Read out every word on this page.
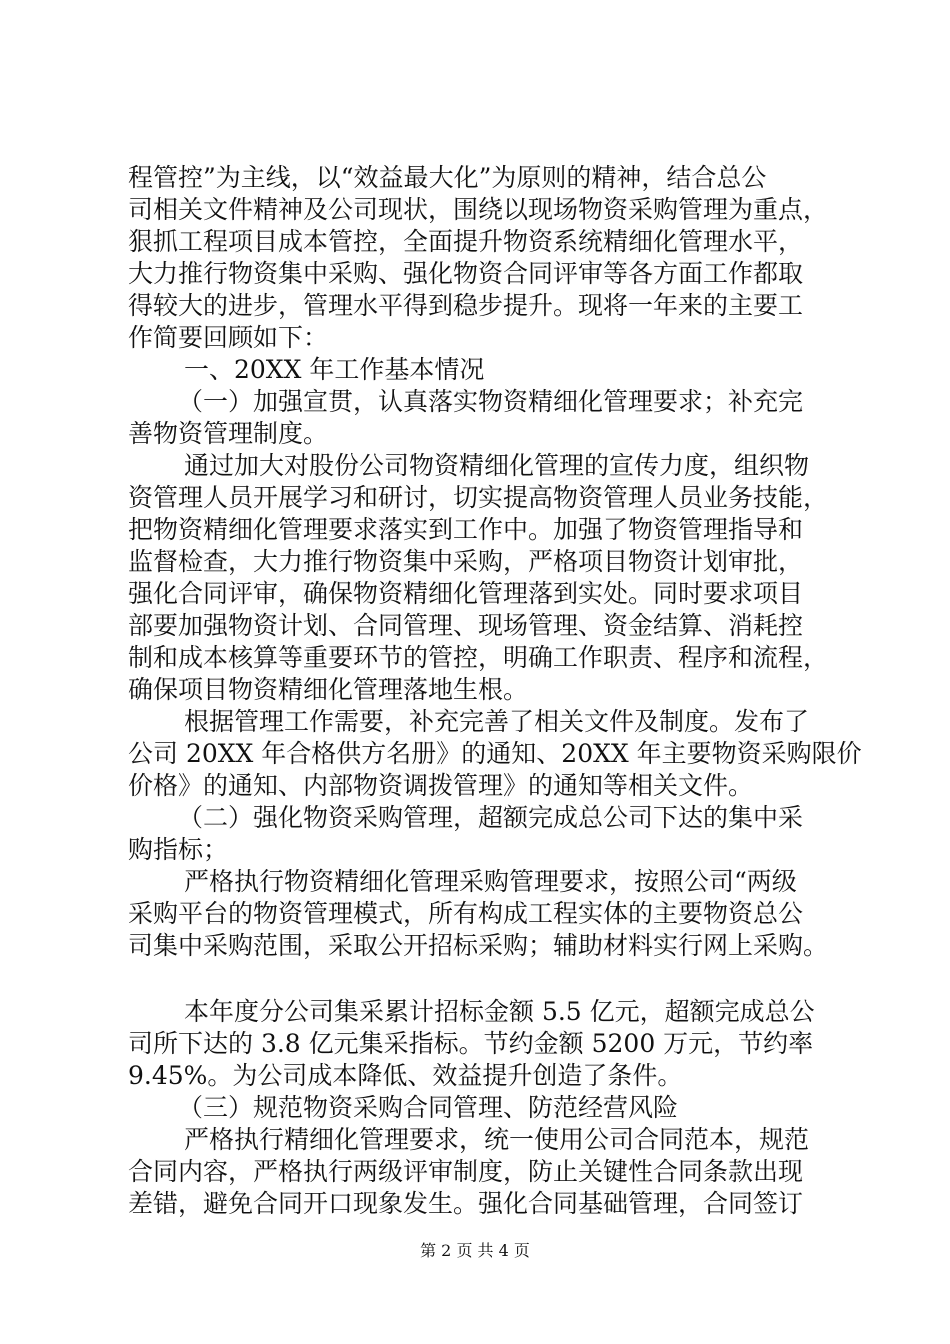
程管控”为主线，以“效益最大化”为原则的精神，结合总公
司相关文件精神及公司现状，围绕以现场物资采购管理为重点，
狠抓工程项目成本管控，全面提升物资系统精细化管理水平，
大力推行物资集中采购、强化物资合同评审等各方面工作都取
得较大的进步，管理水平得到稳步提升。现将一年来的主要工
作简要回顾如下：
一、20XX 年工作基本情况
（一）加强宣贯，认真落实物资精细化管理要求；补充完
善物资管理制度。
通过加大对股份公司物资精细化管理的宣传力度，组织物
资管理人员开展学习和研讨，切实提高物资管理人员业务技能，
把物资精细化管理要求落实到工作中。加强了物资管理指导和
监督检查，大力推行物资集中采购，严格项目物资计划审批，
强化合同评审，确保物资精细化管理落到实处。同时要求项目
部要加强物资计划、合同管理、现场管理、资金结算、消耗控
制和成本核算等重要环节的管控，明确工作职责、程序和流程，
确保项目物资精细化管理落地生根。
根据管理工作需要，补充完善了相关文件及制度。发布了
公司 20XX 年合格供方名册》的通知、20XX 年主要物资采购限价
价格》的通知、内部物资调拨管理》的通知等相关文件。
（二）强化物资采购管理，超额完成总公司下达的集中采
购指标；
严格执行物资精细化管理采购管理要求，按照公司“两级
采购平台的物资管理模式，所有构成工程实体的主要物资总公
司集中采购范围，采取公开招标采购；辅助材料实行网上采购。
本年度分公司集采累计招标金额 5.5 亿元，超额完成总公
司所下达的 3.8 亿元集采指标。节约金额 5200 万元，节约率
9.45%。为公司成本降低、效益提升创造了条件。
（三）规范物资采购合同管理、防范经营风险
严格执行精细化管理要求，统一使用公司合同范本，规范
合同内容，严格执行两级评审制度，防止关键性合同条款出现
差错，避免合同开口现象发生。强化合同基础管理，合同签订
第 2 页 共 4 页
